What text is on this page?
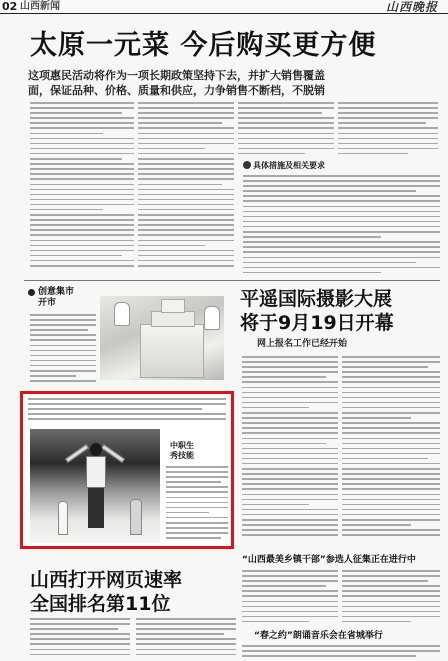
02 山西新闻	山西晚报
太原一元菜 今后购买更方便
这项惠民活动将作为一项长期政策坚持下去，并扩大销售覆盖
面，保证品种、价格、质量和供应，力争销售不断档，不脱销
具体措施及相关要求
创意集市
开市	平遥国际摄影大展
将于9月19日开幕
网上报名工作已经开始
中职生
秀技能
山西打开网页速率
全国排名第11位
“山西最美乡镇干部”参选人征集正在进行中
“春之约”朗诵音乐会在省城举行
